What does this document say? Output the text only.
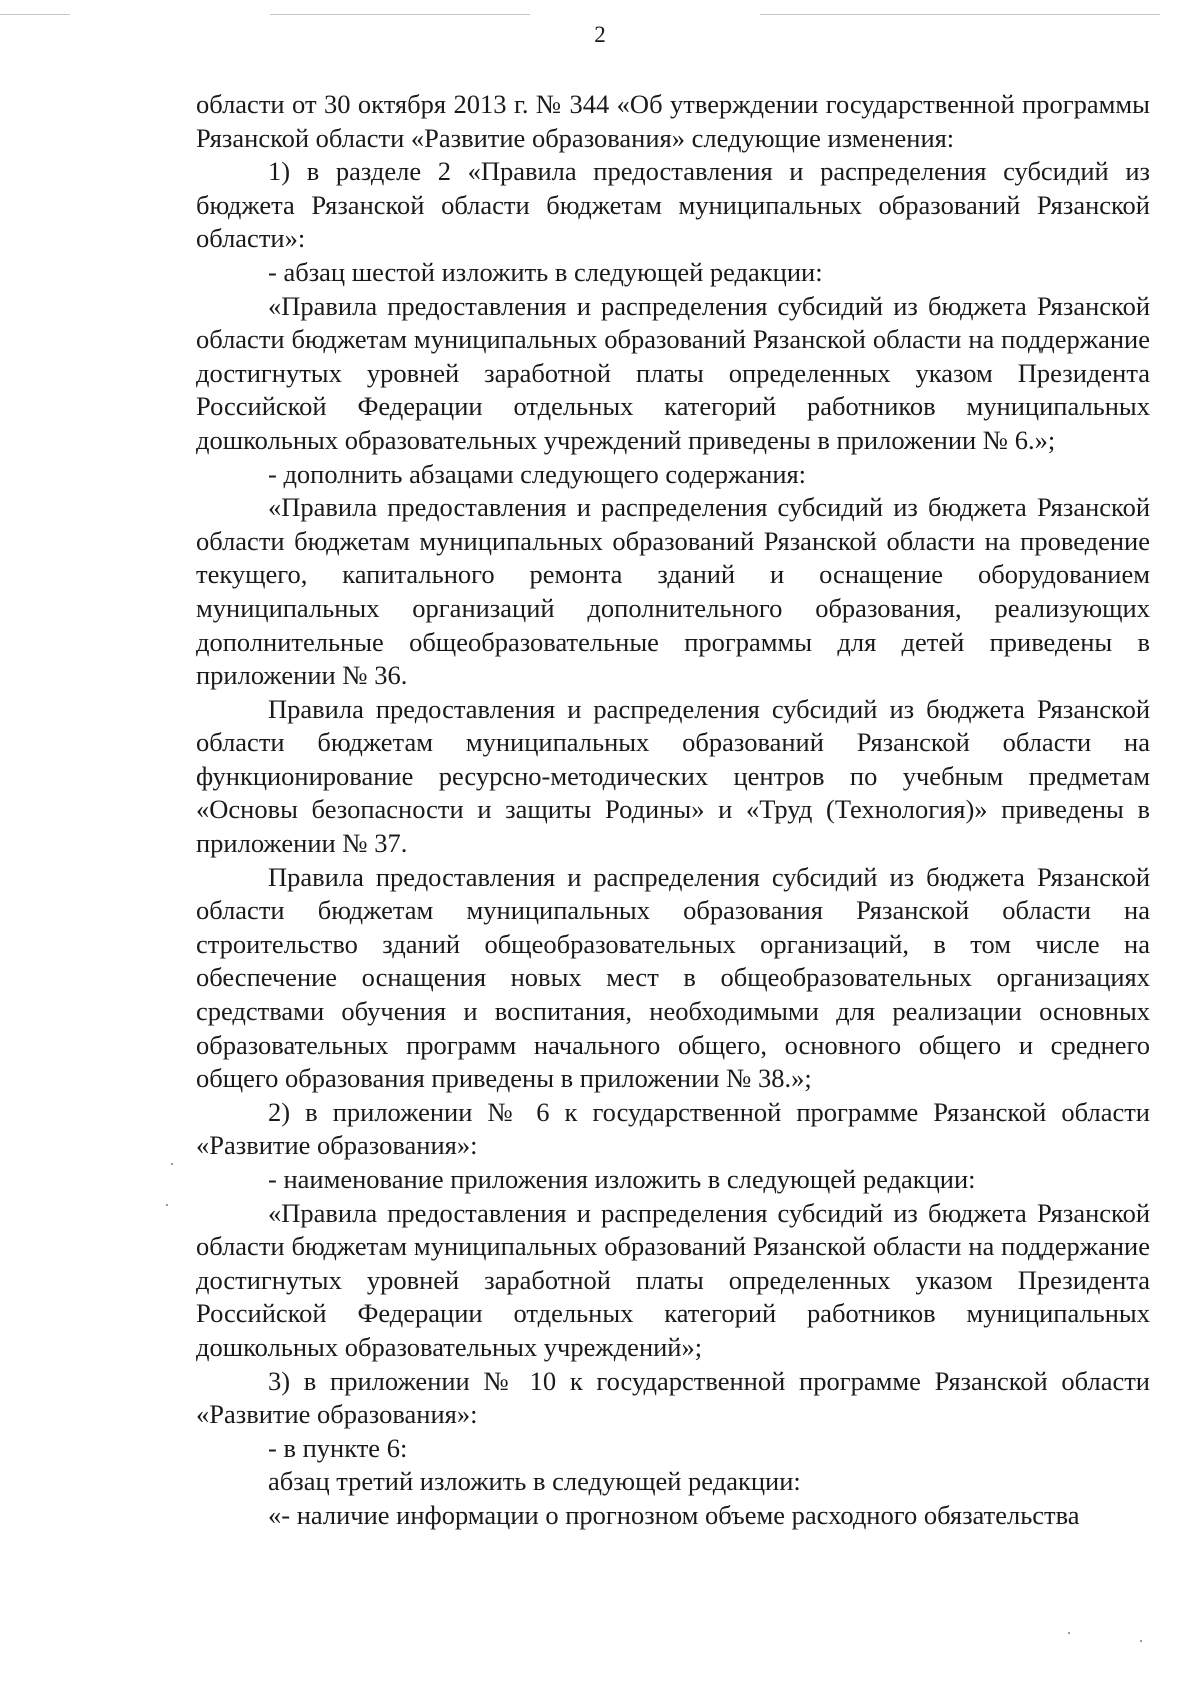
2

области от 30 октября 2013 г. № 344 «Об утверждении государственной программы Рязанской области «Развитие образования» следующие изменения:

1) в разделе 2 «Правила предоставления и распределения субсидий из бюджета Рязанской области бюджетам муниципальных образований Рязанской области»:

- абзац шестой изложить в следующей редакции:

«Правила предоставления и распределения субсидий из бюджета Рязанской области бюджетам муниципальных образований Рязанской области на поддержание достигнутых уровней заработной платы определенных указом Президента Российской Федерации отдельных категорий работников муниципальных дошкольных образовательных учреждений приведены в приложении № 6.»;

- дополнить абзацами следующего содержания:

«Правила предоставления и распределения субсидий из бюджета Рязанской области бюджетам муниципальных образований Рязанской области на проведение текущего, капитального ремонта зданий и оснащение оборудованием муниципальных организаций дополнительного образования, реализующих дополнительные общеобразовательные программы для детей приведены в приложении № 36.

Правила предоставления и распределения субсидий из бюджета Рязанской области бюджетам муниципальных образований Рязанской области на функционирование ресурсно-методических центров по учебным предметам «Основы безопасности и защиты Родины» и «Труд (Технология)» приведены в приложении № 37.

Правила предоставления и распределения субсидий из бюджета Рязанской области бюджетам муниципальных образования Рязанской области на строительство зданий общеобразовательных организаций, в том числе на обеспечение оснащения новых мест в общеобразовательных организациях средствами обучения и воспитания, необходимыми для реализации основных образовательных программ начального общего, основного общего и среднего общего образования приведены в приложении № 38.»;

2) в приложении № 6 к государственной программе Рязанской области «Развитие образования»:

- наименование приложения изложить в следующей редакции:

«Правила предоставления и распределения субсидий из бюджета Рязанской области бюджетам муниципальных образований Рязанской области на поддержание достигнутых уровней заработной платы определенных указом Президента Российской Федерации отдельных категорий работников муниципальных дошкольных образовательных учреждений»;

3) в приложении № 10 к государственной программе Рязанской области «Развитие образования»:

- в пункте 6:

абзац третий изложить в следующей редакции:

«- наличие информации о прогнозном объеме расходного обязательства
